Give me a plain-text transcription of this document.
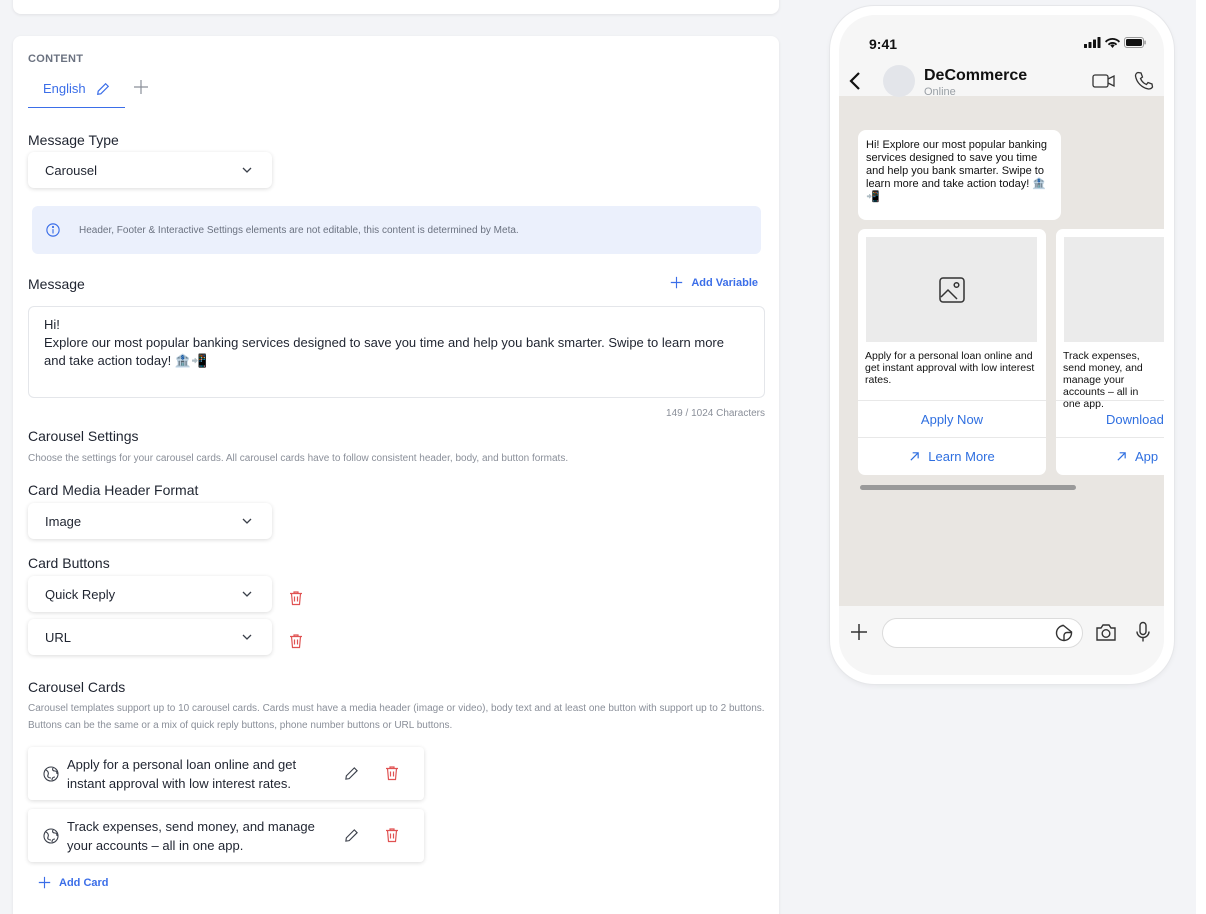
CONTENT
English
Message Type
Carousel
Header, Footer & Interactive Settings elements are not editable, this content is determined by Meta.
Message	Add Variable
Hi!
Explore our most popular banking services designed to save you time and help you bank smarter. Swipe to learn more and take action today! 🏦📲
149 / 1024 Characters
Carousel Settings
Choose the settings for your carousel cards. All carousel cards have to follow consistent header, body, and button formats.
Card Media Header Format
Image
Card Buttons
Quick Reply
URL
Carousel Cards
Carousel templates support up to 10 carousel cards. Cards must have a media header (image or video), body text and at least one button with support up to 2 buttons. Buttons can be the same or a mix of quick reply buttons, phone number buttons or URL buttons.
Apply for a personal loan online and get instant approval with low interest rates.
Track expenses, send money, and manage your accounts – all in one app.
Add Card
9:41
DeCommerce
Online
Hi! Explore our most popular banking services designed to save you time and help you bank smarter. Swipe to learn more and take action today! 🏦📲
Apply for a personal loan online and get instant approval with low interest rates.
Apply Now
Learn More
Track expenses, send money, and manage your accounts – all in one app.
Download
App
